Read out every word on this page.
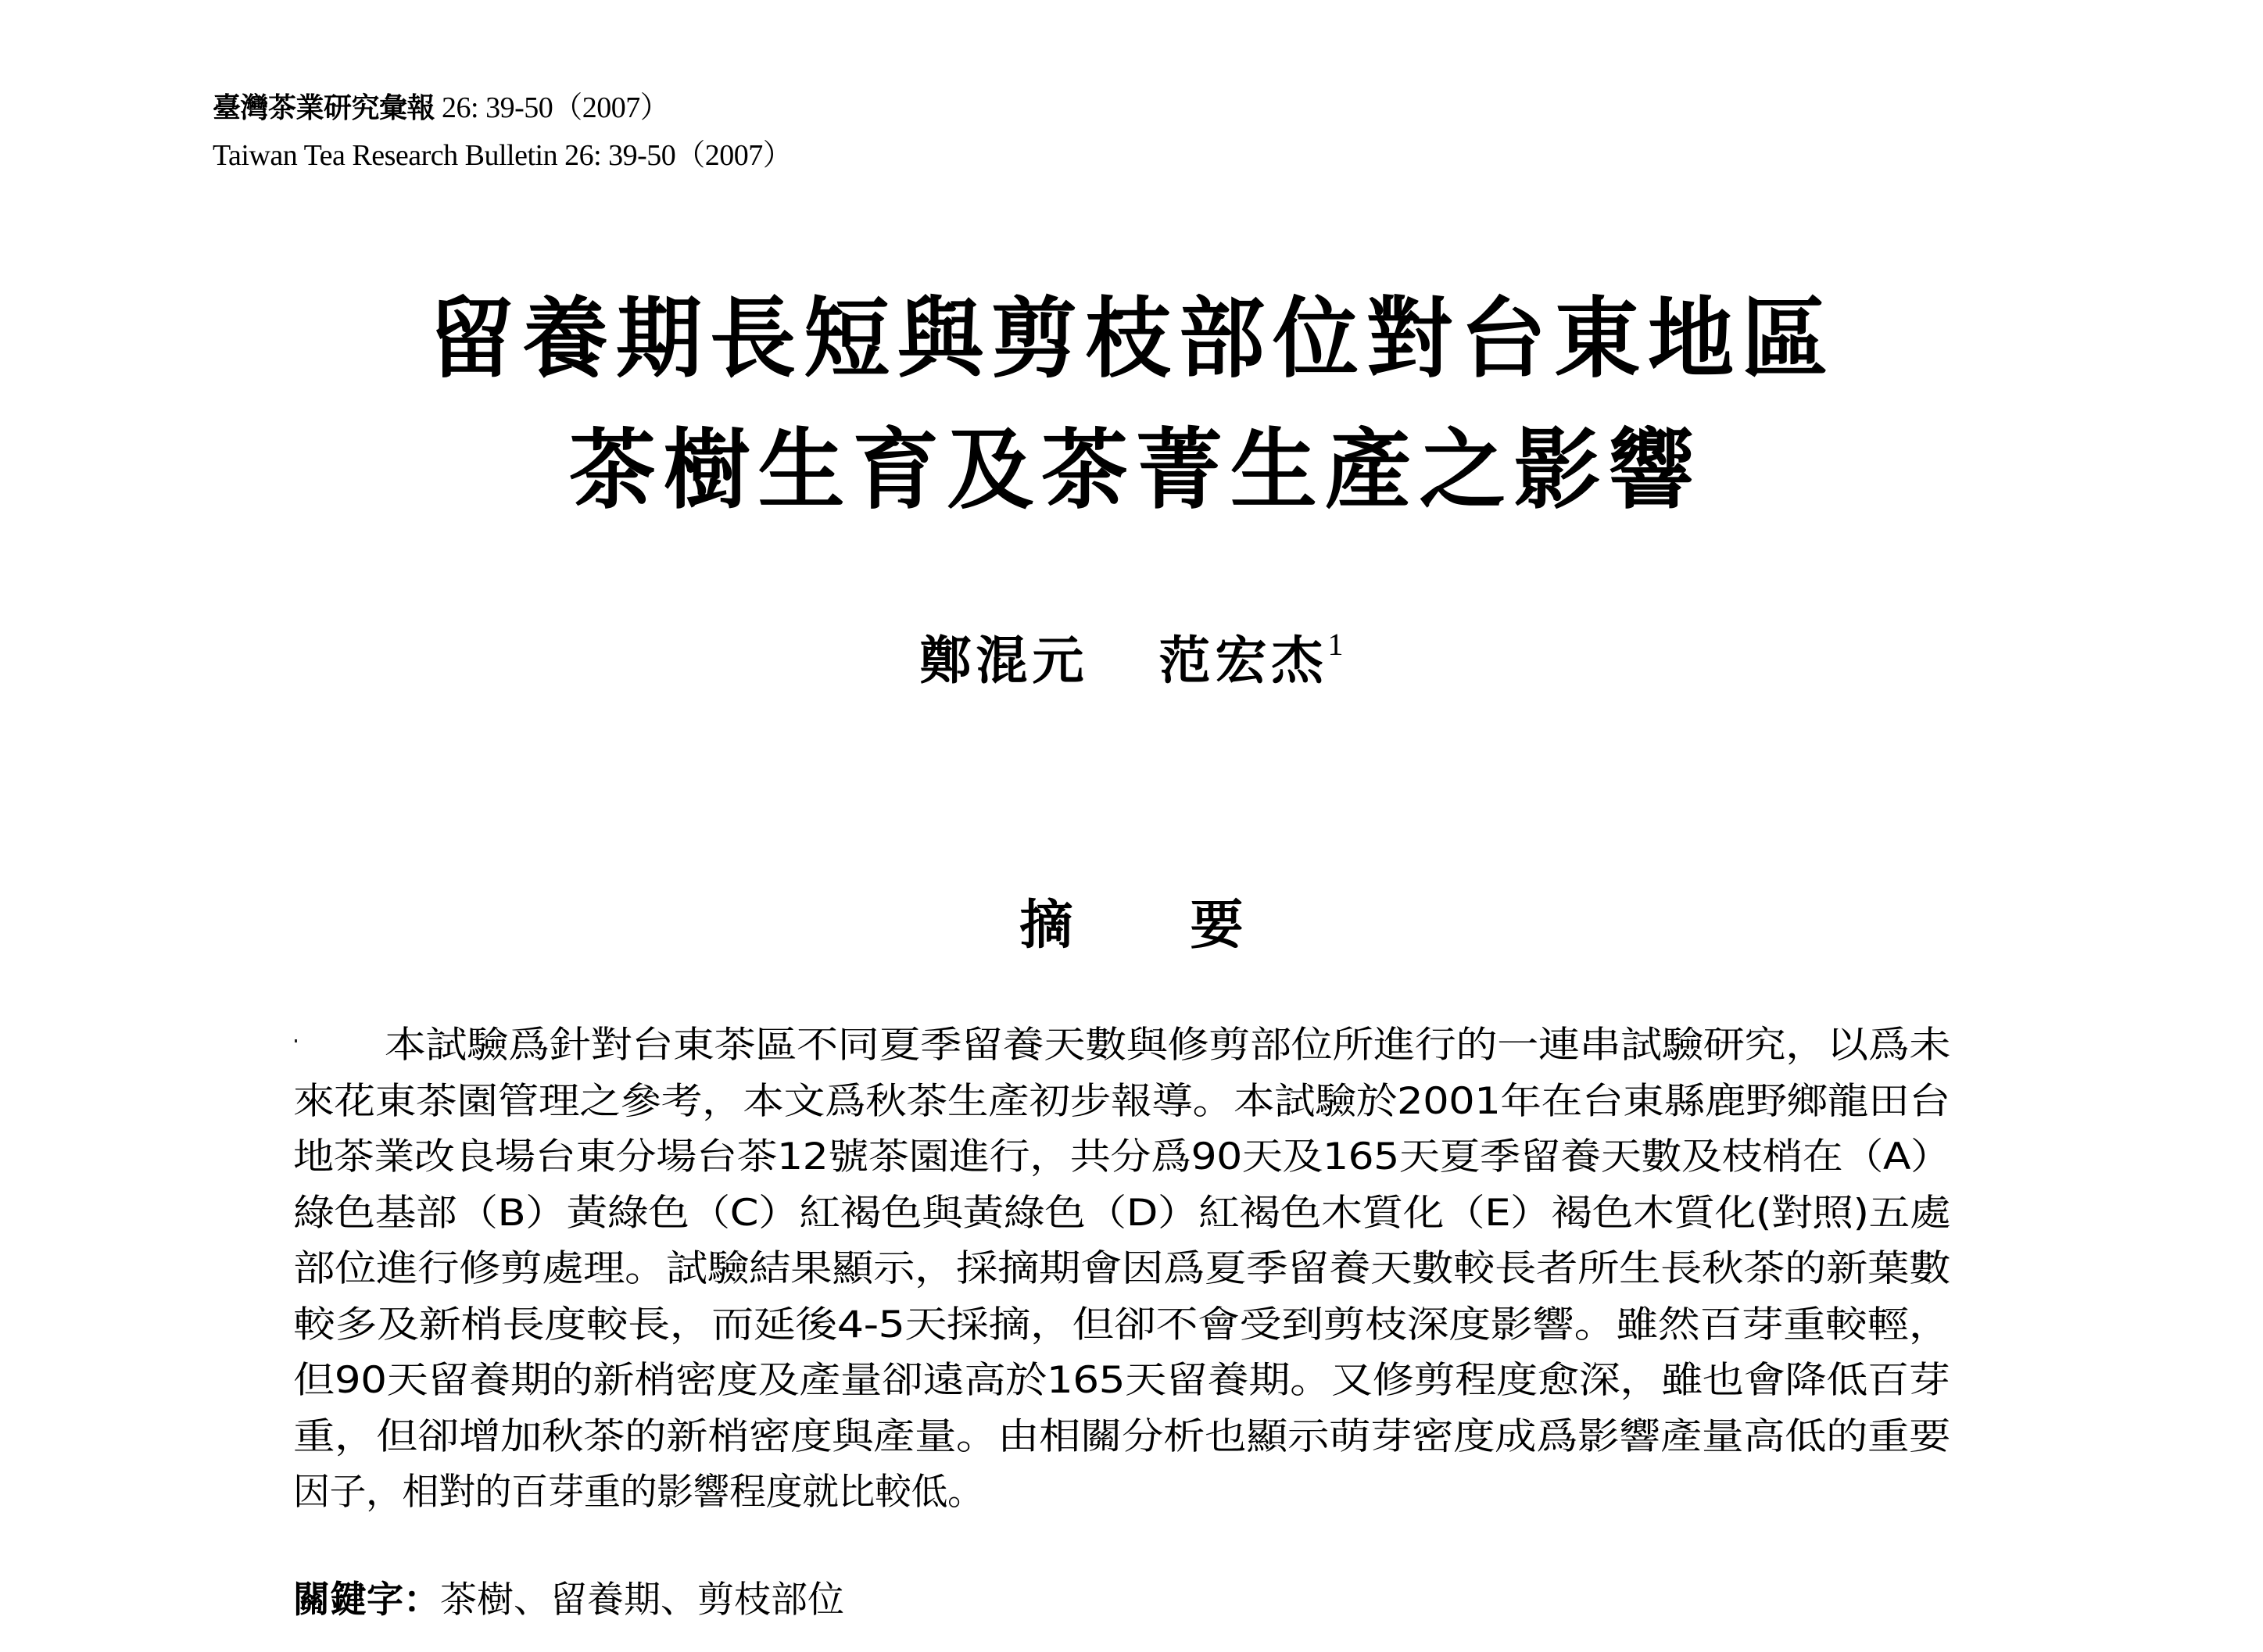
臺灣茶業研究彙報 26: 39-50（2007）
Taiwan Tea Research Bulletin 26: 39-50（2007）
留養期長短與剪枝部位對台東地區
茶樹生育及茶菁生產之影響
鄭混元 范宏杰$^1$
摘 要
本試驗爲針對台東茶區不同夏季留養天數與修剪部位所進行的一連串試驗研究，以爲未
來花東茶園管理之參考，本文爲秋茶生產初步報導。本試驗於2001年在台東縣鹿野鄉龍田台
地茶業改良場台東分場台茶12號茶園進行，共分爲90天及165天夏季留養天數及枝梢在（A）
綠色基部（B）黃綠色（C）紅褐色與黃綠色（D）紅褐色木質化（E）褐色木質化(對照)五處
部位進行修剪處理。試驗結果顯示，採摘期會因爲夏季留養天數較長者所生長秋茶的新葉數
較多及新梢長度較長，而延後4-5天採摘，但卻不會受到剪枝深度影響。雖然百芽重較輕，
但90天留養期的新梢密度及產量卻遠高於165天留養期。又修剪程度愈深，雖也會降低百芽
重，但卻增加秋茶的新梢密度與產量。由相關分析也顯示萌芽密度成爲影響產量高低的重要
因子，相對的百芽重的影響程度就比較低。
關鍵字：茶樹、留養期、剪枝部位
